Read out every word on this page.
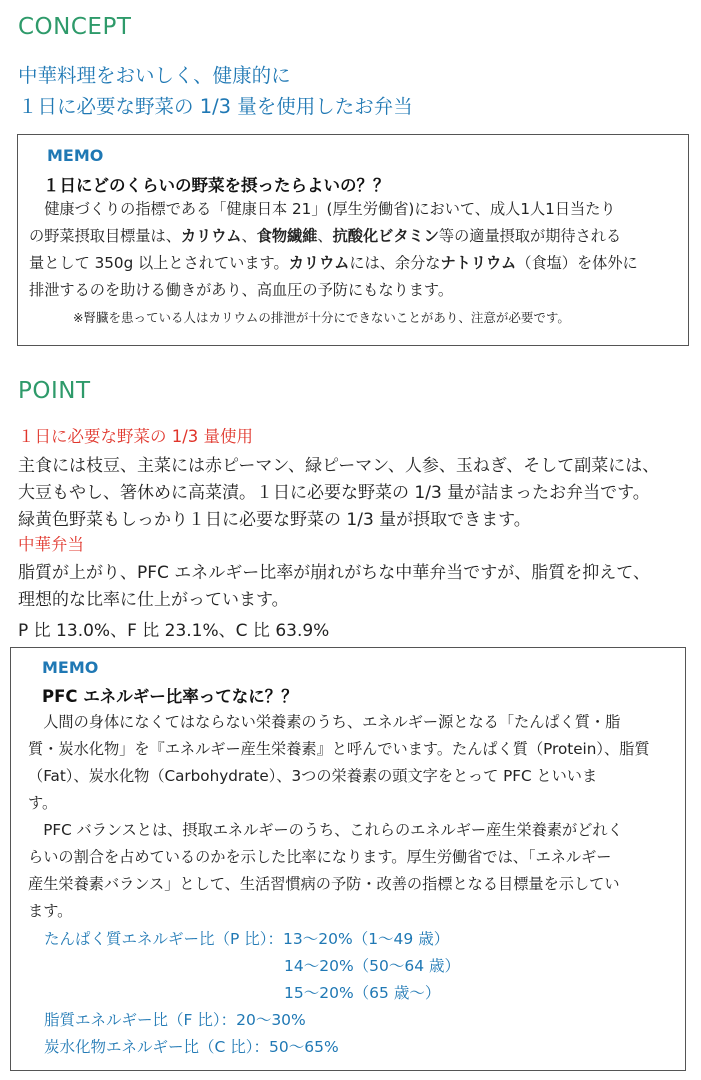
CONCEPT
中華料理をおいしく、健康的に
１日に必要な野菜の 1/3 量を使用したお弁当
MEMO
１日にどのくらいの野菜を摂ったらよいの？？
　健康づくりの指標である「健康日本 21」(厚生労働省)において、成人1人1日当たり
の野菜摂取目標量は、カリウム、食物繊維、抗酸化ビタミン等の適量摂取が期待される
量として 350g 以上とされています。カリウムには、余分なナトリウム（食塩）を体外に
排泄するのを助ける働きがあり、高血圧の予防にもなります。
※腎臓を患っている人はカリウムの排泄が十分にできないことがあり、注意が必要です。
POINT
１日に必要な野菜の 1/3 量使用
主食には枝豆、主菜には赤ピーマン、緑ピーマン、人参、玉ねぎ、そして副菜には、
大豆もやし、箸休めに高菜漬。１日に必要な野菜の 1/3 量が詰まったお弁当です。
緑黄色野菜もしっかり１日に必要な野菜の 1/3 量が摂取できます。
中華弁当
脂質が上がり、PFC エネルギー比率が崩れがちな中華弁当ですが、脂質を抑えて、
理想的な比率に仕上がっています。
P 比 13.0%、F 比 23.1%、C 比 63.9%
MEMO
PFC エネルギー比率ってなに？？
　人間の身体になくてはならない栄養素のうち、エネルギー源となる「たんぱく質・脂
質・炭水化物」を『エネルギー産生栄養素』と呼んでいます。たんぱく質（Protein）、脂質
（Fat）、炭水化物（Carbohydrate）、3つの栄養素の頭文字をとって PFC といいま
す。
　PFC バランスとは、摂取エネルギーのうち、これらのエネルギー産生栄養素がどれく
らいの割合を占めているのかを示した比率になります。厚生労働省では、「エネルギー
産生栄養素バランス」として、生活習慣病の予防・改善の指標となる目標量を示してい
ます。
たんぱく質エネルギー比（P 比）：13～20%（1～49 歳）
14～20%（50～64 歳）
15～20%（65 歳～）
脂質エネルギー比（F 比）：20～30%
炭水化物エネルギー比（C 比）：50～65%
